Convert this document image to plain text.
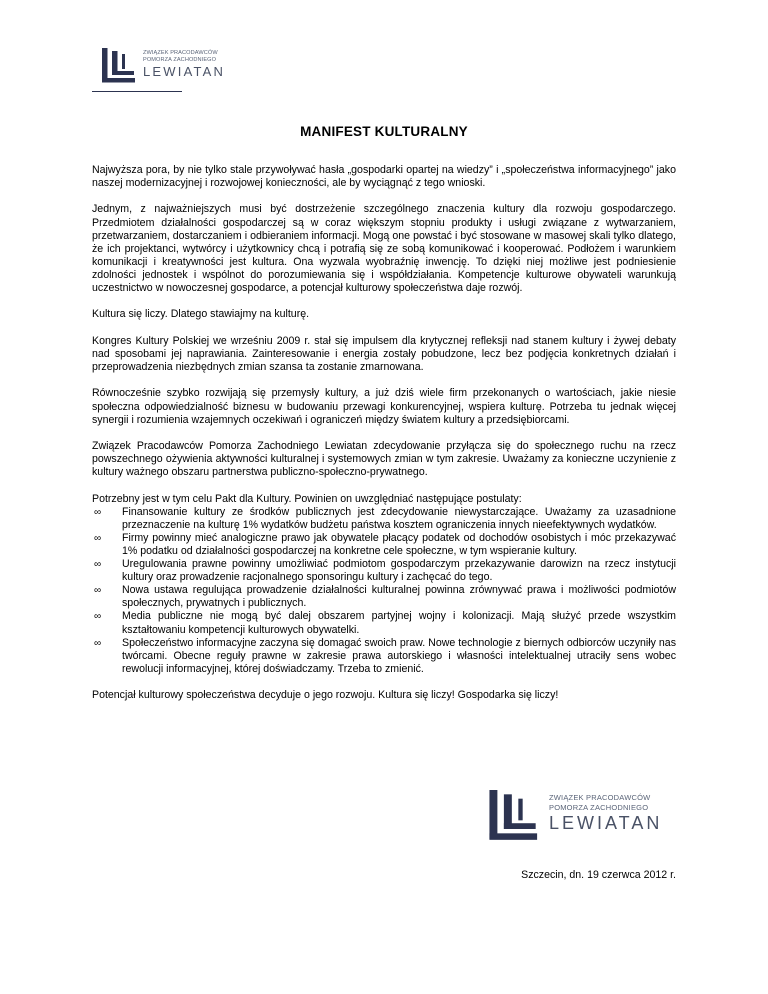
ZWIĄZEK PRACODAWCÓW
POMORZA ZACHODNIEGO
LEWIATAN
MANIFEST KULTURALNY

Najwyższa pora, by nie tylko stale przywoływać hasła „gospodarki opartej na wiedzy” i „społeczeństwa informacyjnego” jako naszej modernizacyjnej i rozwojowej konieczności, ale by wyciągnąć z tego wnioski.

Jednym, z najważniejszych musi być dostrzeżenie szczególnego znaczenia kultury dla rozwoju gospodarczego. Przedmiotem działalności gospodarczej są w coraz większym stopniu produkty i usługi związane z wytwarzaniem, przetwarzaniem, dostarczaniem i odbieraniem informacji. Mogą one powstać i być stosowane w masowej skali tylko dlatego, że ich projektanci, wytwórcy i użytkownicy chcą i potrafią się ze sobą komunikować i kooperować. Podłożem i warunkiem komunikacji i kreatywności jest kultura. Ona wyzwala wyobraźnię inwencję. To dzięki niej możliwe jest podniesienie zdolności jednostek i wspólnot do porozumiewania się i współdziałania. Kompetencje kulturowe obywateli warunkują uczestnictwo w nowoczesnej gospodarce, a potencjał kulturowy społeczeństwa daje rozwój.

Kultura się liczy. Dlatego stawiajmy na kulturę.

Kongres Kultury Polskiej we wrześniu 2009 r. stał się impulsem dla krytycznej refleksji nad stanem kultury i żywej debaty nad sposobami jej naprawiania. Zainteresowanie i energia zostały pobudzone, lecz bez podjęcia konkretnych działań i przeprowadzenia niezbędnych zmian szansa ta zostanie zmarnowana.

Równocześnie szybko rozwijają się przemysły kultury, a już dziś wiele firm przekonanych o wartościach, jakie niesie społeczna odpowiedzialność biznesu w budowaniu przewagi konkurencyjnej, wspiera kulturę. Potrzeba tu jednak więcej synergii i rozumienia wzajemnych oczekiwań i ograniczeń między światem kultury a przedsiębiorcami.

Związek Pracodawców Pomorza Zachodniego Lewiatan zdecydowanie przyłącza się do społecznego ruchu na rzecz powszechnego ożywienia aktywności kulturalnej i systemowych zmian w tym zakresie. Uważamy za konieczne uczynienie z kultury ważnego obszaru partnerstwa publiczno-społeczno-prywatnego.

Potrzebny jest w tym celu Pakt dla Kultury. Powinien on uwzględniać następujące postulaty:

∞ Finansowanie kultury ze środków publicznych jest zdecydowanie niewystarczające. Uważamy za uzasadnione przeznaczenie na kulturę 1% wydatków budżetu państwa kosztem ograniczenia innych nieefektywnych wydatków.
∞ Firmy powinny mieć analogiczne prawo jak obywatele płacący podatek od dochodów osobistych i móc przekazywać 1% podatku od działalności gospodarczej na konkretne cele społeczne, w tym wspieranie kultury.
∞ Uregulowania prawne powinny umożliwiać podmiotom gospodarczym przekazywanie darowizn na rzecz instytucji kultury oraz prowadzenie racjonalnego sponsoringu kultury i zachęcać do tego.
∞ Nowa ustawa regulująca prowadzenie działalności kulturalnej powinna zrównywać prawa i możliwości podmiotów społecznych, prywatnych i publicznych.
∞ Media publiczne nie mogą być dalej obszarem partyjnej wojny i kolonizacji. Mają służyć przede wszystkim kształtowaniu kompetencji kulturowych obywatelki.
∞ Społeczeństwo informacyjne zaczyna się domagać swoich praw. Nowe technologie z biernych odbiorców uczyniły nas twórcami. Obecne reguły prawne w zakresie prawa autorskiego i własności intelektualnej utraciły sens wobec rewolucji informacyjnej, której doświadczamy. Trzeba to zmienić.

Potencjał kulturowy społeczeństwa decyduje o jego rozwoju. Kultura się liczy! Gospodarka się liczy!

ZWIĄZEK PRACODAWCÓW
POMORZA ZACHODNIEGO
LEWIATAN
Szczecin, dn. 19 czerwca 2012 r.
